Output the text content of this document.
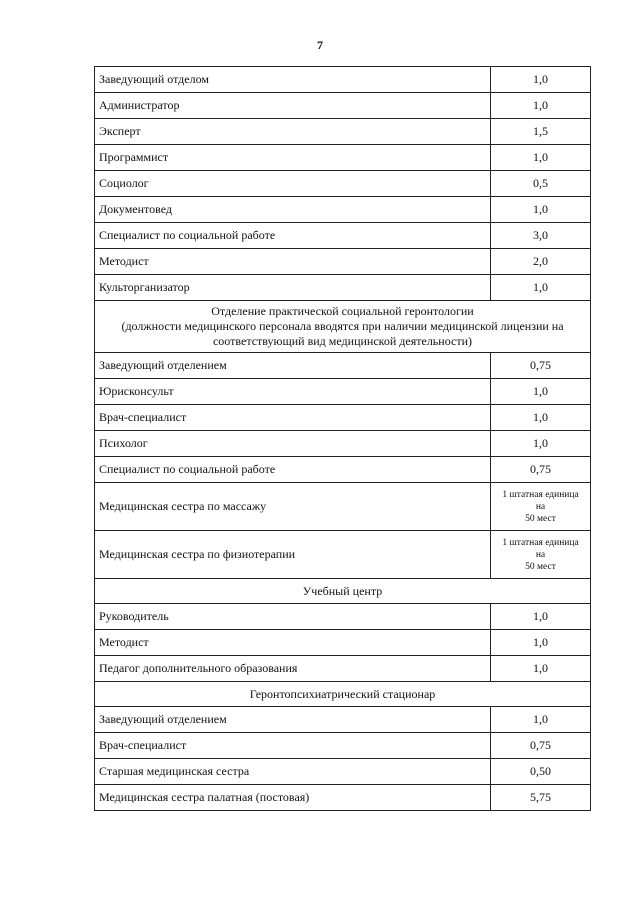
7
Заведующий отделом	1,0
Администратор	1,0
Эксперт	1,5
Программист	1,0
Социолог	0,5
Документовед	1,0
Специалист по социальной работе	3,0
Методист	2,0
Культорганизатор	1,0

Отделение практической социальной геронтологии
(должности медицинского персонала вводятся при наличии медицинской лицензии на
соответствующий вид медицинской деятельности)	

Заведующий отделением	0,75
Юрисконсульт	1,0
Врач-специалист	1,0
Психолог	1,0
Специалист по социальной работе	0,75
Медицинская сестра по массажу	1 штатная единица
на
50 мест

Медицинская сестра по физиотерапии	1 штатная единица
на
50 мест

Учебный центр	

Руководитель	1,0
Методист	1,0
Педагог дополнительного образования	1,0

Геронтопсихиатрический стационар	

Заведующий отделением	1,0
Врач-специалист	0,75
Старшая медицинская сестра	0,50
Медицинская сестра палатная (постовая)	5,75
